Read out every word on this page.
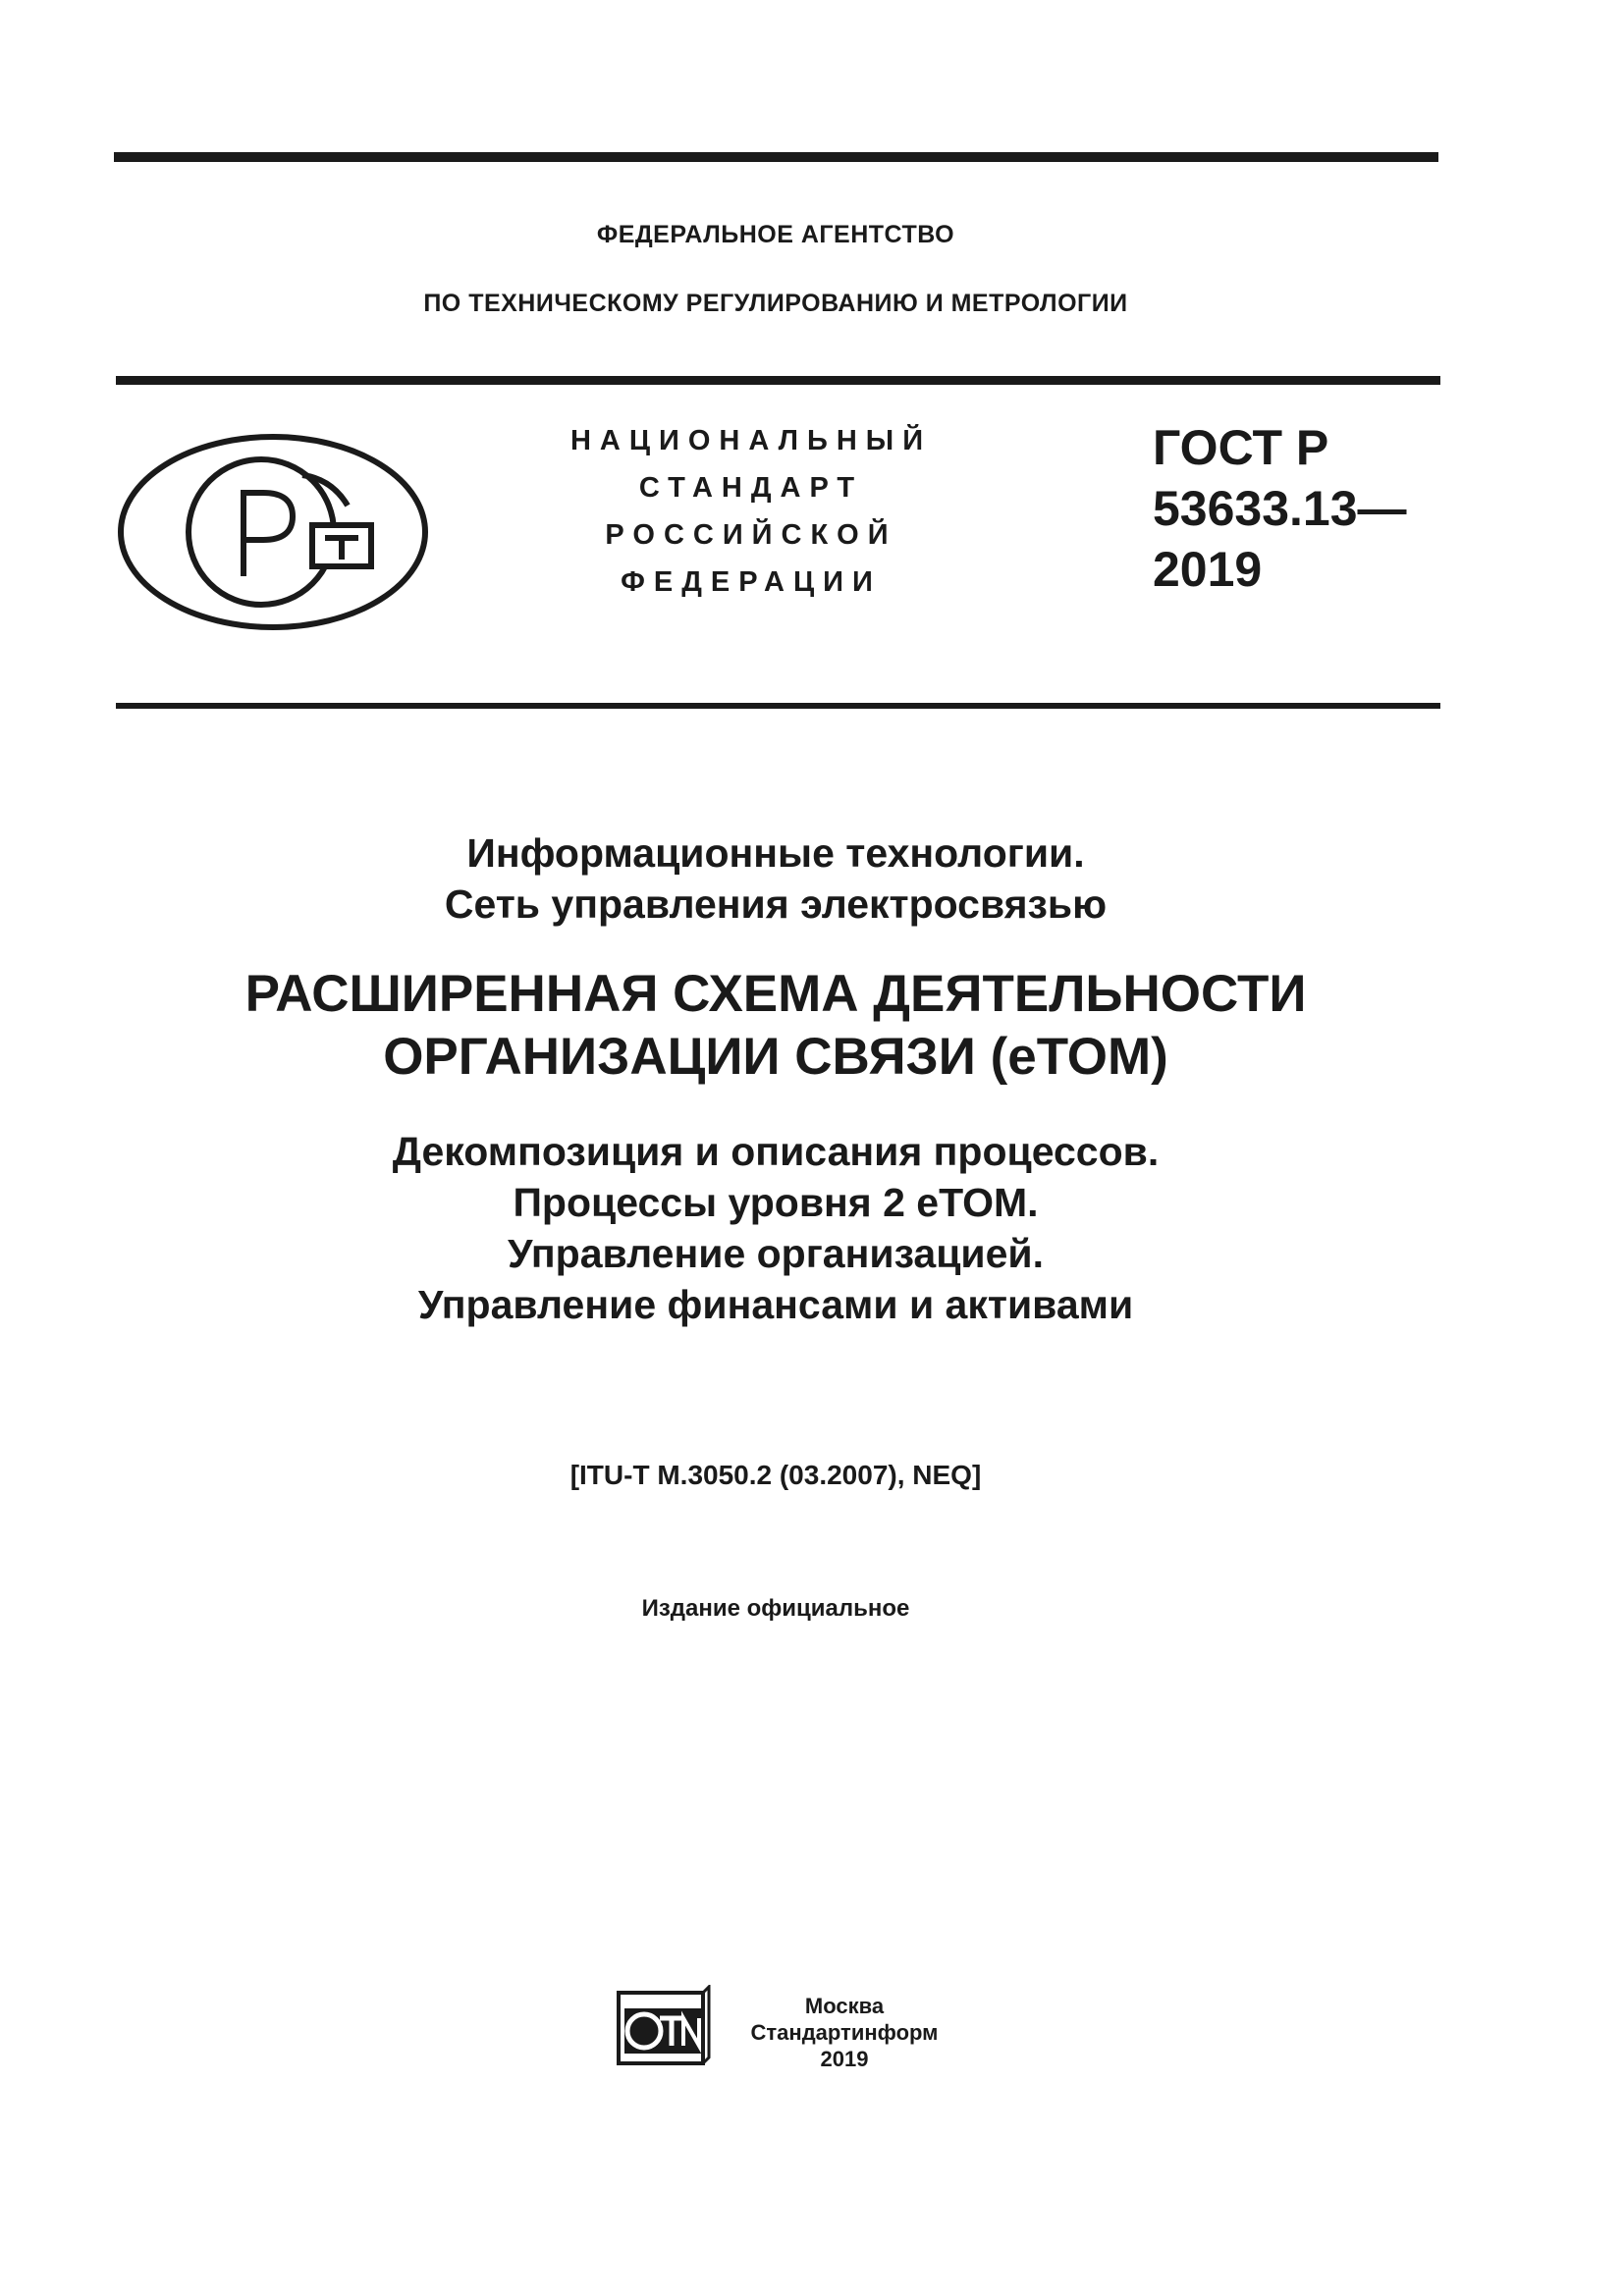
ФЕДЕРАЛЬНОЕ АГЕНТСТВО
ПО ТЕХНИЧЕСКОМУ РЕГУЛИРОВАНИЮ И МЕТРОЛОГИИ
НАЦИОНАЛЬНЫЙ
СТАНДАРТ
РОССИЙСКОЙ
ФЕДЕРАЦИИ
ГОСТ Р
53633.13—
2019
Информационные технологии.
Сеть управления электросвязью
РАСШИРЕННАЯ СХЕМА ДЕЯТЕЛЬНОСТИ
ОРГАНИЗАЦИИ СВЯЗИ (еТОМ)
Декомпозиция и описания процессов.
Процессы уровня 2 еТОМ.
Управление организацией.
Управление финансами и активами
[ITU-T M.3050.2 (03.2007), NEQ]
Издание официальное
Москва
Стандартинформ
2019
